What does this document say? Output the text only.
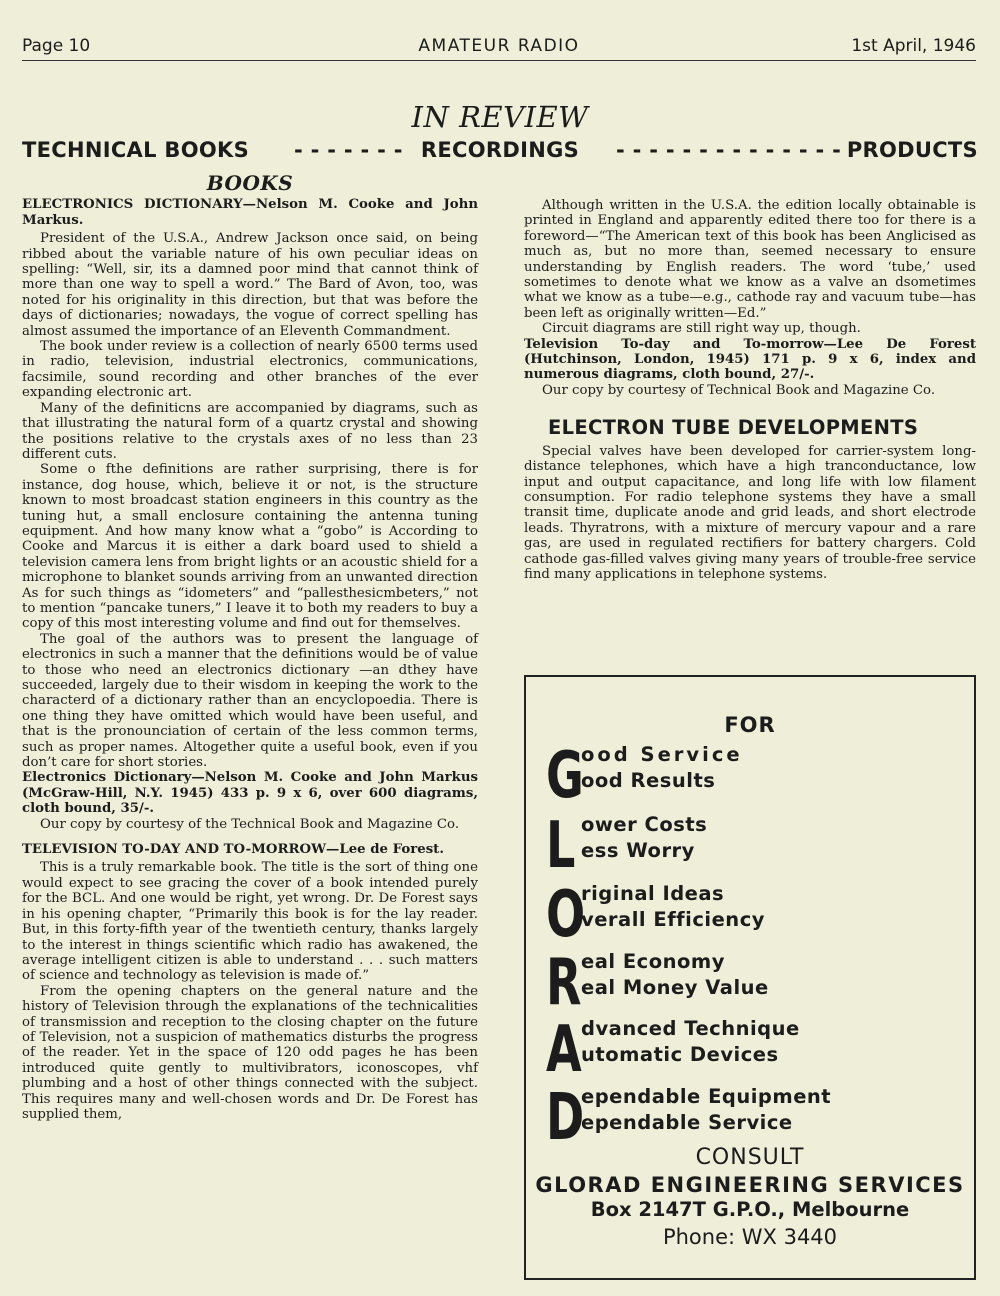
Page 10	AMATEUR RADIO	1st April, 1946
IN REVIEW
TECHNICAL BOOKS - - - - - - - RECORDINGS	- - - - - - - - - - - - - - PRODUCTS
BOOKS

ELECTRONICS DICTIONARY—Nelson M. Cooke and John Markus.

President of the U.S.A., Andrew Jackson once said, on being ribbed about the variable nature of his own peculiar ideas on spelling: “Well, sir, its a damned poor mind that cannot think of more than one way to spell a word.” The Bard of Avon, too, was noted for his originality in this direction, but that was before the days of dictionaries; nowadays, the vogue of correct spelling has almost assumed the importance of an Eleventh Commandment.

The book under review is a collection of nearly 6500 terms used in radio, television, industrial electronics, communications, facsimile, sound recording and other branches of the ever expanding electronic art.

Many of the definiticns are accompanied by diagrams, such as that illustrating the natural form of a quartz crystal and showing the positions relative to the crystals axes of no less than 23 different cuts.

Some o fthe definitions are rather surprising, there is for instance, dog house, which, believe it or not, is the structure known to most broadcast station engineers in this country as the tuning hut, a small enclosure containing the antenna tuning equipment. And how many know what a “gobo” is According to Cooke and Marcus it is either a dark board used to shield a television camera lens from bright lights or an acoustic shield for a microphone to blanket sounds arriving from an unwanted direction As for such things as “idometers” and “pallesthesicmbeters,” not to mention “pancake tuners,” I leave it to both my readers to buy a copy of this most interesting volume and find out for themselves.

The goal of the authors was to present the language of electronics in such a manner that the definitions would be of value to those who need an electronics dictionary —an dthey have succeeded, largely due to their wisdom in keeping the work to the characterd of a dictionary rather than an encyclopoedia. There is one thing they have omitted which would have been useful, and that is the pronounciation of certain of the less common terms, such as proper names. Altogether quite a useful book, even if you don’t care for short stories.

Electronics Dictionary—Nelson M. Cooke and John Markus (McGraw-Hill, N.Y. 1945) 433 p. 9 x 6, over 600 diagrams, cloth bound, 35/-.

Our copy by courtesy of the Technical Book and Magazine Co.

TELEVISION TO-DAY AND TO-MORROW—Lee de Forest.

This is a truly remarkable book. The title is the sort of thing one would expect to see gracing the cover of a book intended purely for the BCL. And one would be right, yet wrong. Dr. De Forest says in his opening chapter, “Primarily this book is for the lay reader. But, in this forty-fifth year of the twentieth century, thanks largely to the interest in things scientific which radio has awakened, the average intelligent citizen is able to understand . . . such matters of science and technology as television is made of.”

From the opening chapters on the general nature and the history of Television through the explanations of the technicalities of transmission and reception to the closing chapter on the future of Television, not a suspicion of mathematics disturbs the progress of the reader. Yet in the space of 120 odd pages he has been introduced quite gently to multivibrators, iconoscopes, vhf plumbing and a host of other things connected with the subject. This requires many and well-chosen words and Dr. De Forest has supplied them,

Although written in the U.S.A. the edition locally obtainable is printed in England and apparently edited there too for there is a foreword—“The American text of this book has been Anglicised as much as, but no more than, seemed necessary to ensure understanding by English readers. The word ‘tube,’ used sometimes to denote what we know as a valve an dsometimes what we know as a tube—e.g., cathode ray and vacuum tube—has been left as originally written—Ed.”

Circuit diagrams are still right way up, though.

Television To-day and To-morrow—Lee De Forest (Hutchinson, London, 1945) 171 p. 9 x 6, index and numerous diagrams, cloth bound, 27/-.

Our copy by courtesy of Technical Book and Magazine Co.

ELECTRON TUBE DEVELOPMENTS

Special valves have been developed for carrier-system long-distance telephones, which have a high tranconductance, low input and output capacitance, and long life with low filament consumption. For radio telephone systems they have a small transit time, duplicate anode and grid leads, and short electrode leads. Thyratrons, with a mixture of mercury vapour and a rare gas, are used in regulated rectifiers for battery chargers. Cold cathode gas-filled valves giving many years of trouble-free service find many applications in telephone systems.

FOR
G
ood Service
ood Results
L ower Costs
ess Worry
O
riginal Ideas
verall Efficiency
R eal Economy
eal Money Value
A dvanced Technique
utomatic Devices
D
ependable Equipment
ependable Service
CONSULT
GLORAD ENGINEERING SERVICES
Box 2147T G.P.O., Melbourne
Phone: WX 3440
